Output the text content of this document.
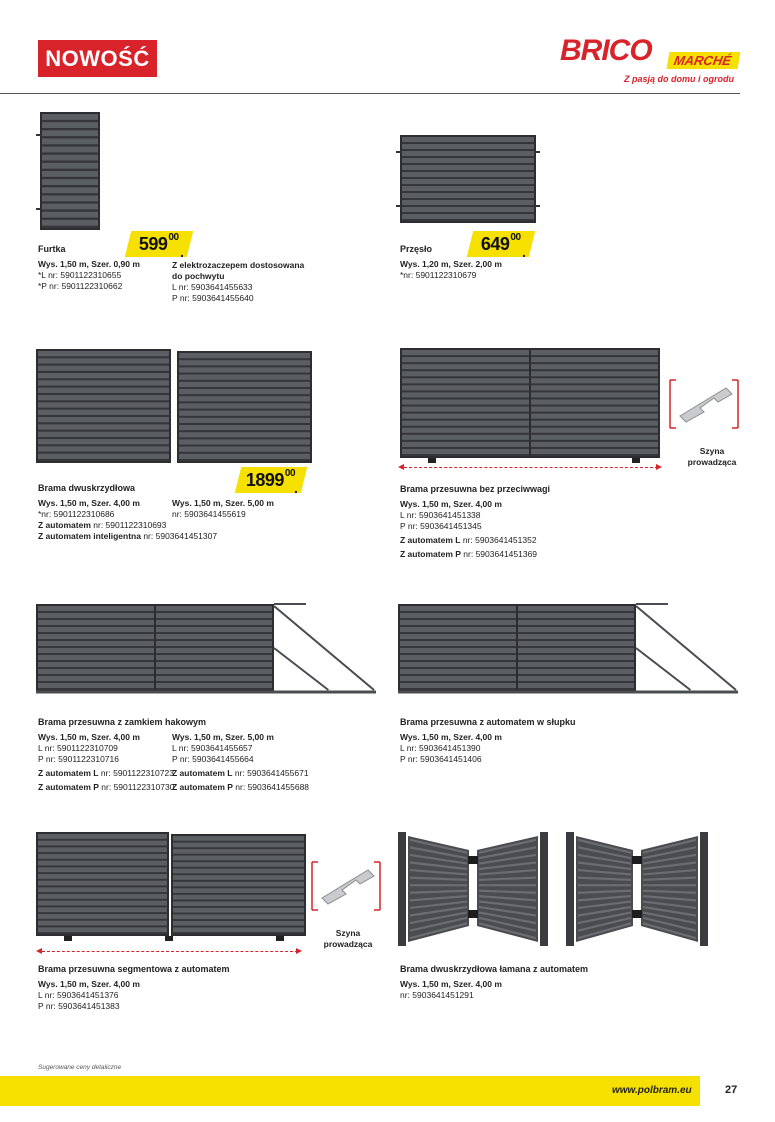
NOWOŚĆ	BRICO	MARCHÉ
Z pasją do domu i ogrodu
Szyna
prowadząca
Szyna
prowadząca
$599^{00}$
.	$649^{00}$
.
1899$^{00}$
.
Furtka
Wys. 1,50 m, Szer. 0,90 m
*L nr: 5901122310655
*P nr: 5901122310662
Z elektrozaczepem dostosowana
do pochwytu
L nr: 5903641455633
P nr: 5903641455640
Przęsło
Wys. 1,20 m, Szer. 2,00 m
*nr: 5901122310679
Brama dwuskrzydłowa
Wys. 1,50 m, Szer. 4,00 m
*nr: 5901122310686
Z automatem nr: 5901122310693
Z automatem inteligentna nr: 5903641451307
Wys. 1,50 m, Szer. 5,00 m
nr: 5903641455619
Brama przesuwna bez przeciwwagi
Wys. 1,50 m, Szer. 4,00 m
L nr: 5903641451338
P nr: 5903641451345
Z automatem L nr: 5903641451352
Z automatem P nr: 5903641451369
Brama przesuwna z zamkiem hakowym
Wys. 1,50 m, Szer. 4,00 m
L nr: 5901122310709
P nr: 5901122310716
Z automatem L nr: 5901122310723
Z automatem P nr: 5901122310730
Wys. 1,50 m, Szer. 5,00 m
L nr: 5903641455657
P nr: 5903641455664
Z automatem L nr: 5903641455671
Z automatem P nr: 5903641455688
Brama przesuwna z automatem w słupku
Wys. 1,50 m, Szer. 4,00 m
L nr: 5903641451390
P nr: 5903641451406
Brama przesuwna segmentowa z automatem
Wys. 1,50 m, Szer. 4,00 m
L nr: 5903641451376
P nr: 5903641451383
Brama dwuskrzydłowa łamana z automatem
Wys. 1,50 m, Szer. 4,00 m
nr: 5903641451291
Sugerowane ceny detaliczne
www.polbram.eu	27
